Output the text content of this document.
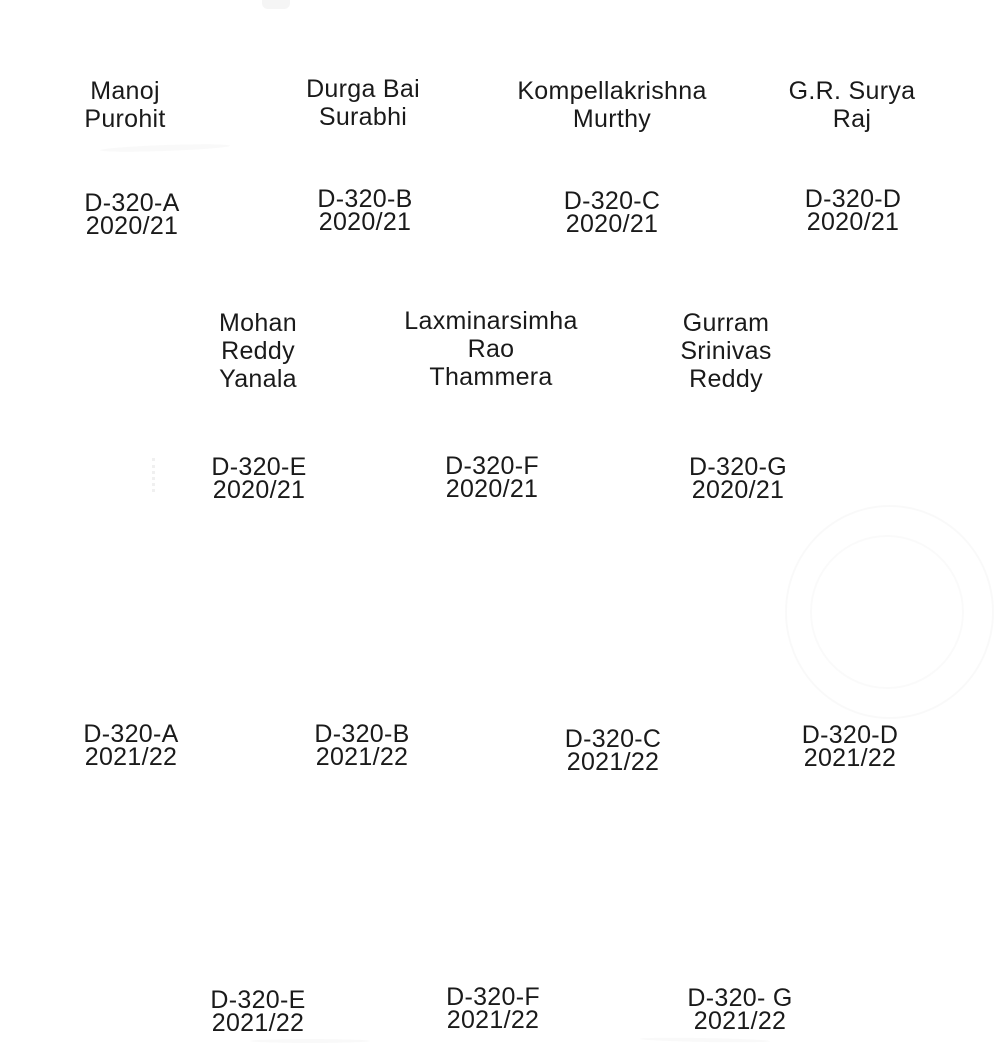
Manoj
Purohit
Durga Bai
Surabhi
Kompellakrishna
Murthy
G.R. Surya
Raj
D-320-A
2020/21
D-320-B
2020/21
D-320-C
2020/21
D-320-D
2020/21
Mohan
Reddy
Yanala
Laxminarsimha
Rao
Thammera
Gurram
Srinivas
Reddy
D-320-E
2020/21
D-320-F
2020/21
D-320-G
2020/21
D-320-A
2021/22
D-320-B
2021/22
D-320-C
2021/22
D-320-D
2021/22
D-320-E
2021/22
D-320-F
2021/22
D-320- G
2021/22
